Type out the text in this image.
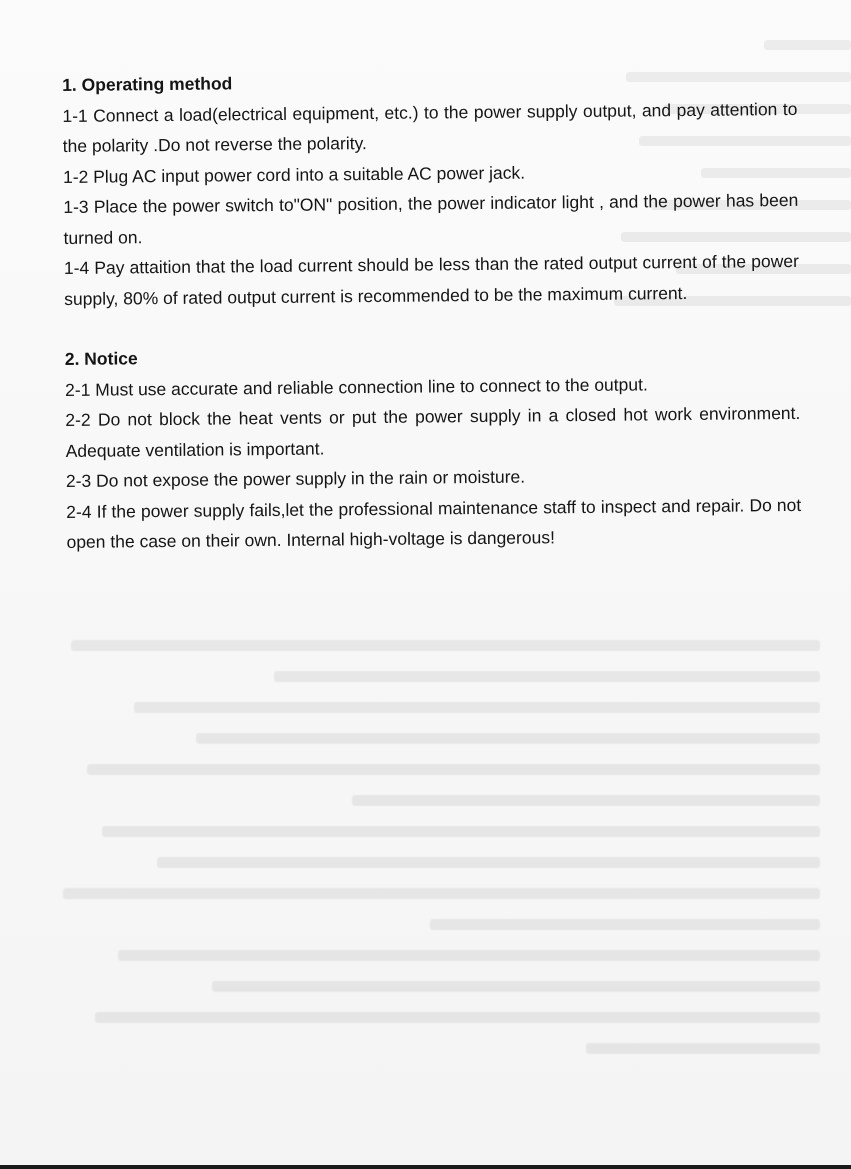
1. Operating method

1-1 Connect a load(electrical equipment, etc.) to the power supply output, and pay attention to the polarity .Do not reverse the polarity.

1-2 Plug AC input power cord into a suitable AC power jack.

1-3 Place the power switch to"ON" position, the power indicator light , and the power has been turned on.

1-4 Pay attaition that the load current should be less than the rated output current of the power supply, 80% of rated output current is recommended to be the maximum current.

2. Notice

2-1 Must use accurate and reliable connection line to connect to the output.

2-2 Do not block the heat vents or put the power supply in a closed hot work environment. Adequate ventilation is important.

2-3 Do not expose the power supply in the rain or moisture.

2-4 If the power supply fails,let the professional maintenance staff to inspect and repair. Do not open the case on their own. Internal high-voltage is dangerous!
